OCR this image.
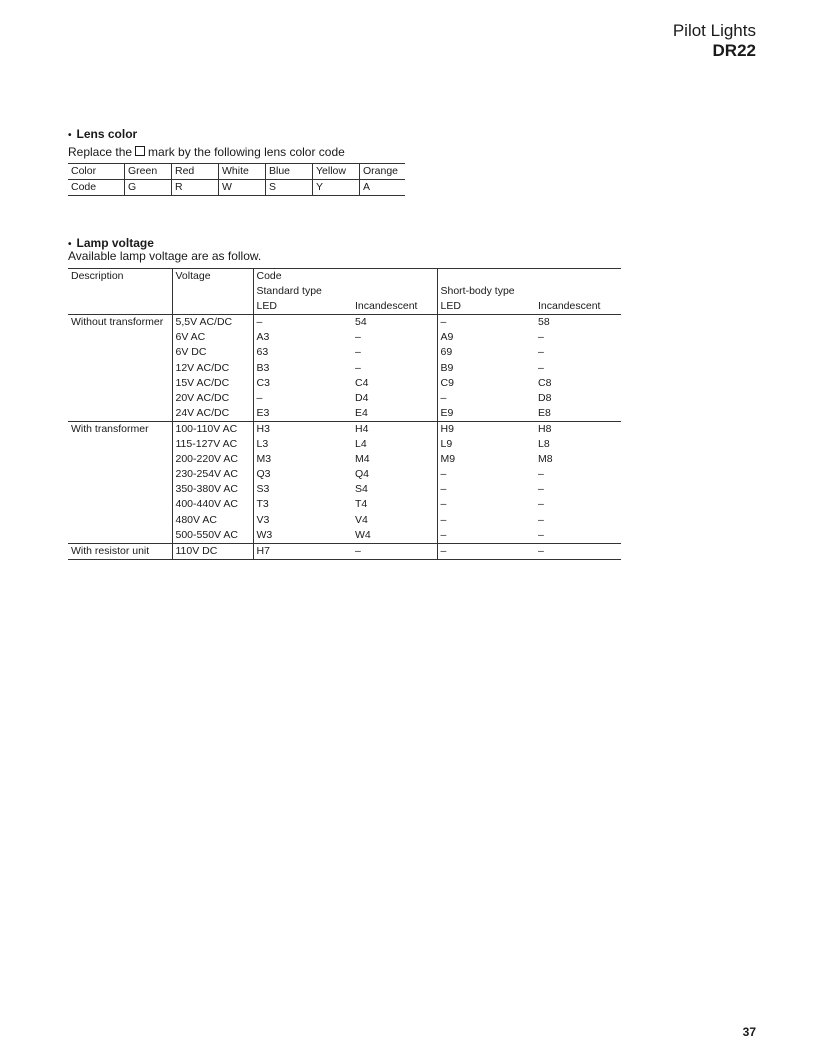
Pilot Lights
DR22
• Lens color
Replace the mark by the following lens color code
Color	Green	Red	White	Blue	Yellow	Orange
Code	G	R	W	S	Y	A
• Lamp voltage
Available lamp voltage are as follow.
Description	Voltage	Code			
		Standard type		Short-body type	
		LED	Incandescent	LED	Incandescent
Without transformer	5,5V AC/DC	–	54	–	58
	6V AC	A3	–	A9	–
	6V DC	63	–	69	–
	12V AC/DC	B3	–	B9	–
	15V AC/DC	C3	C4	C9	C8
	20V AC/DC	–	D4	–	D8
	24V AC/DC	E3	E4	E9	E8
With transformer	100-110V AC	H3	H4	H9	H8
	115-127V AC	L3	L4	L9	L8
	200-220V AC	M3	M4	M9	M8
	230-254V AC	Q3	Q4	–	–
	350-380V AC	S3	S4	–	–
	400-440V AC	T3	T4	–	–
	480V AC	V3	V4	–	–
	500-550V AC	W3	W4	–	–
With resistor unit	110V DC	H7	–	–	–
37
